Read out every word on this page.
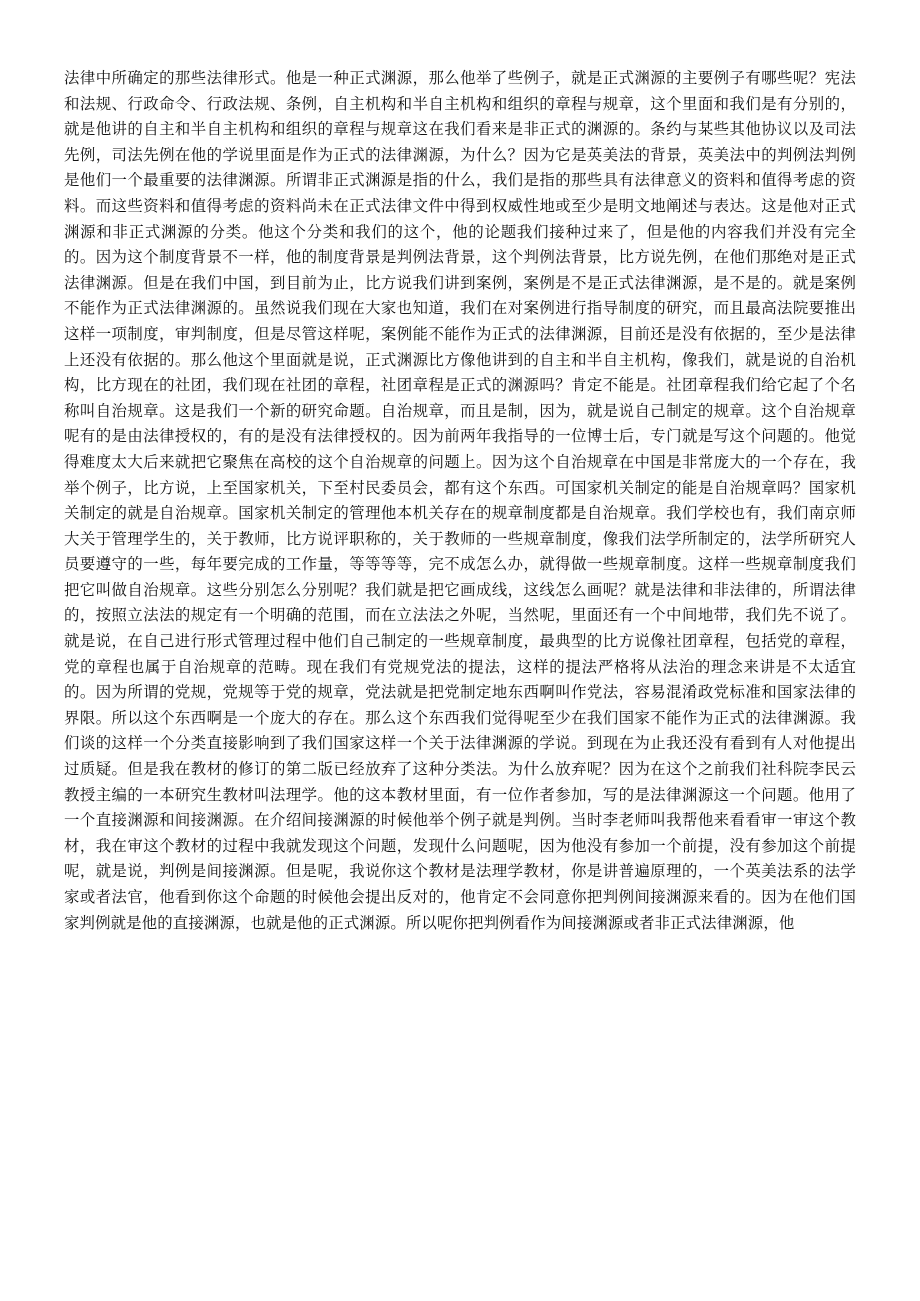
法律中所确定的那些法律形式。他是一种正式渊源，那么他举了些例子，就是正式渊源的主要例子有哪些呢？宪法和法规、行政命令、行政法规、条例，自主机构和半自主机构和组织的章程与规章，这个里面和我们是有分别的，就是他讲的自主和半自主机构和组织的章程与规章这在我们看来是非正式的渊源的。条约与某些其他协议以及司法先例，司法先例在他的学说里面是作为正式的法律渊源，为什么？因为它是英美法的背景，英美法中的判例法判例是他们一个最重要的法律渊源。所谓非正式渊源是指的什么，我们是指的那些具有法律意义的资料和值得考虑的资料。而这些资料和值得考虑的资料尚未在正式法律文件中得到权威性地或至少是明文地阐述与表达。这是他对正式渊源和非正式渊源的分类。他这个分类和我们的这个，他的论题我们接种过来了，但是他的内容我们并没有完全的。因为这个制度背景不一样，他的制度背景是判例法背景，这个判例法背景，比方说先例，在他们那绝对是正式法律渊源。但是在我们中国，到目前为止，比方说我们讲到案例，案例是不是正式法律渊源，是不是的。就是案例不能作为正式法律渊源的。虽然说我们现在大家也知道，我们在对案例进行指导制度的研究，而且最高法院要推出这样一项制度，审判制度，但是尽管这样呢，案例能不能作为正式的法律渊源，目前还是没有依据的，至少是法律上还没有依据的。那么他这个里面就是说，正式渊源比方像他讲到的自主和半自主机构，像我们，就是说的自治机构，比方现在的社团，我们现在社团的章程，社团章程是正式的渊源吗？肯定不能是。社团章程我们给它起了个名称叫自治规章。这是我们一个新的研究命题。自治规章，而且是制，因为，就是说自己制定的规章。这个自治规章呢有的是由法律授权的，有的是没有法律授权的。因为前两年我指导的一位博士后，专门就是写这个问题的。他觉得难度太大后来就把它聚焦在高校的这个自治规章的问题上。因为这个自治规章在中国是非常庞大的一个存在，我举个例子，比方说，上至国家机关，下至村民委员会，都有这个东西。可国家机关制定的能是自治规章吗？国家机关制定的就是自治规章。国家机关制定的管理他本机关存在的规章制度都是自治规章。我们学校也有，我们南京师大关于管理学生的，关于教师，比方说评职称的，关于教师的一些规章制度，像我们法学所制定的，法学所研究人员要遵守的一些，每年要完成的工作量，等等等等，完不成怎么办，就得做一些规章制度。这样一些规章制度我们把它叫做自治规章。这些分别怎么分别呢？我们就是把它画成线，这线怎么画呢？就是法律和非法律的，所谓法律的，按照立法法的规定有一个明确的范围，而在立法法之外呢，当然呢，里面还有一个中间地带，我们先不说了。就是说，在自己进行形式管理过程中他们自己制定的一些规章制度，最典型的比方说像社团章程，包括党的章程，党的章程也属于自治规章的范畴。现在我们有党规党法的提法，这样的提法严格将从法治的理念来讲是不太适宜的。因为所谓的党规，党规等于党的规章，党法就是把党制定地东西啊叫作党法，容易混淆政党标准和国家法律的界限。所以这个东西啊是一个庞大的存在。那么这个东西我们觉得呢至少在我们国家不能作为正式的法律渊源。我们谈的这样一个分类直接影响到了我们国家这样一个关于法律渊源的学说。到现在为止我还没有看到有人对他提出过质疑。但是我在教材的修订的第二版已经放弃了这种分类法。为什么放弃呢？因为在这个之前我们社科院李民云教授主编的一本研究生教材叫法理学。他的这本教材里面，有一位作者参加，写的是法律渊源这一个问题。他用了一个直接渊源和间接渊源。在介绍间接渊源的时候他举个例子就是判例。当时李老师叫我帮他来看看审一审这个教材，我在审这个教材的过程中我就发现这个问题，发现什么问题呢，因为他没有参加一个前提，没有参加这个前提呢，就是说，判例是间接渊源。但是呢，我说你这个教材是法理学教材，你是讲普遍原理的，一个英美法系的法学家或者法官，他看到你这个命题的时候他会提出反对的，他肯定不会同意你把判例间接渊源来看的。因为在他们国家判例就是他的直接渊源，也就是他的正式渊源。所以呢你把判例看作为间接渊源或者非正式法律渊源，他
